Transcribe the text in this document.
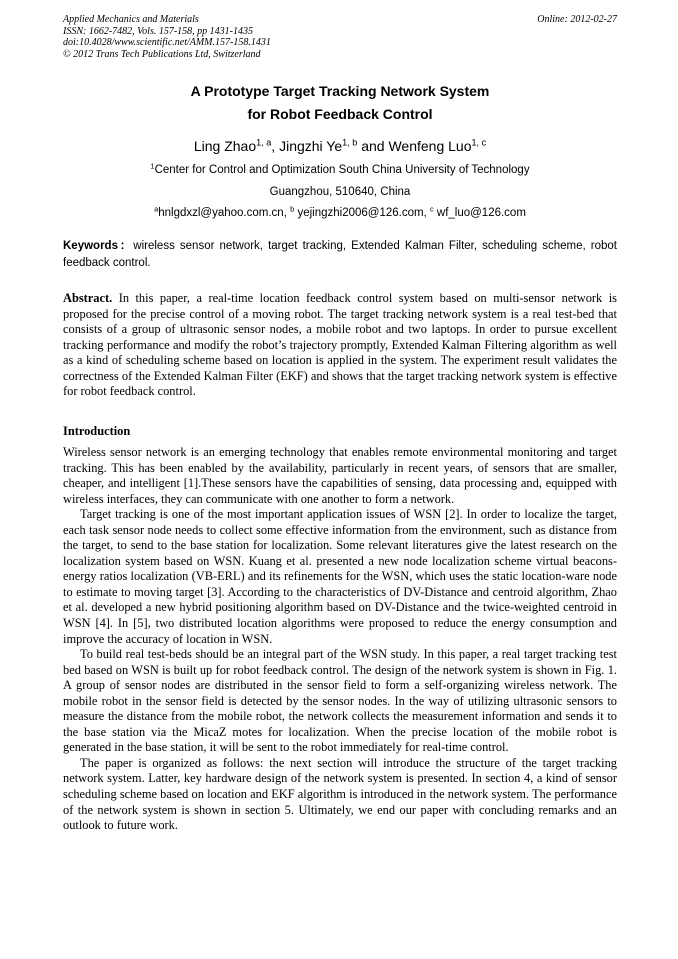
Applied Mechanics and Materials
ISSN: 1662-7482, Vols. 157-158, pp 1431-1435
doi:10.4028/www.scientific.net/AMM.157-158.1431
© 2012 Trans Tech Publications Ltd, Switzerland
Online: 2012-02-27
A Prototype Target Tracking Network System
for Robot Feedback Control
Ling Zhao$^{1, a}$, Jingzhi Ye$^{1, b}$ and Wenfeng Luo$^{1, c}$
$^1$Center for Control and Optimization South China University of Technology
Guangzhou, 510640, China
$^a$hnlgdxzl@yahoo.com.cn, $^b$ yejingzhi2006@126.com, $^c$ wf_luo@126.com
Keywords：wireless sensor network, target tracking, Extended Kalman Filter, scheduling scheme, robot feedback control.

Abstract. In this paper, a real-time location feedback control system based on multi-sensor network is proposed for the precise control of a moving robot. The target tracking network system is a real test-bed that consists of a group of ultrasonic sensor nodes, a mobile robot and two laptops. In order to pursue excellent tracking performance and modify the robot’s trajectory promptly, Extended Kalman Filtering algorithm as well as a kind of scheduling scheme based on location is applied in the system. The experiment result validates the correctness of the Extended Kalman Filter (EKF) and shows that the target tracking network system is effective for robot feedback control.

Introduction

Wireless sensor network is an emerging technology that enables remote environmental monitoring and target tracking. This has been enabled by the availability, particularly in recent years, of sensors that are smaller, cheaper, and intelligent [1].These sensors have the capabilities of sensing, data processing and, equipped with wireless interfaces, they can communicate with one another to form a network.

Target tracking is one of the most important application issues of WSN [2]. In order to localize the target, each task sensor node needs to collect some effective information from the environment, such as distance from the target, to send to the base station for localization. Some relevant literatures give the latest research on the localization system based on WSN. Kuang et al. presented a new node localization scheme virtual beacons-energy ratios localization (VB-ERL) and its refinements for the WSN, which uses the static location-ware node to estimate to moving target [3]. According to the characteristics of DV-Distance and centroid algorithm, Zhao et al. developed a new hybrid positioning algorithm based on DV-Distance and the twice-weighted centroid in WSN [4]. In [5], two distributed location algorithms were proposed to reduce the energy consumption and improve the accuracy of location in WSN.

To build real test-beds should be an integral part of the WSN study. In this paper, a real target tracking test bed based on WSN is built up for robot feedback control. The design of the network system is shown in Fig. 1. A group of sensor nodes are distributed in the sensor field to form a self-organizing wireless network. The mobile robot in the sensor field is detected by the sensor nodes. In the way of utilizing ultrasonic sensors to measure the distance from the mobile robot, the network collects the measurement information and sends it to the base station via the MicaZ motes for localization. When the precise location of the mobile robot is generated in the base station, it will be sent to the robot immediately for real-time control.

The paper is organized as follows: the next section will introduce the structure of the target tracking network system. Latter, key hardware design of the network system is presented. In section 4, a kind of sensor scheduling scheme based on location and EKF algorithm is introduced in the network system. The performance of the network system is shown in section 5. Ultimately, we end our paper with concluding remarks and an outlook to future work.
